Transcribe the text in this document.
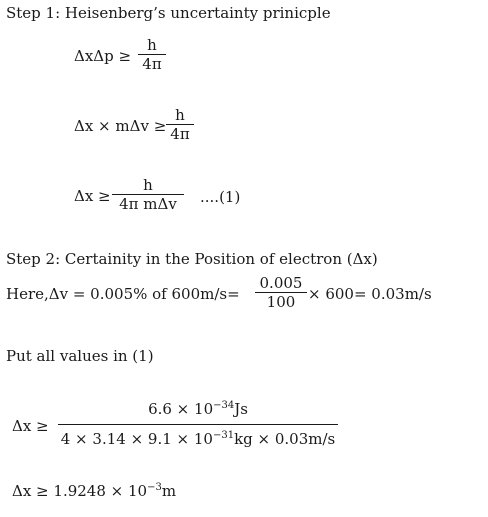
Step 1: Heisenberg’s uncertainty prinicple
ΔxΔp ≥
h
4π
Δx × mΔv ≥
h
4π
Δx ≥
h
4π mΔv ....(1)
Step 2: Certainity in the Position of electron (Δx)
Here,Δv = 0.005% of 600m/s=
0.005
100 × 600= 0.03m/s
Put all values in (1)
Δx ≥
$6.6 \times 10^{-34}Js$
$4 \times 3.14 \times 9.1 \times 10^{-31}kg \times 0.03m/s$
$\Delta x \ge 1.9248 \times 10^{-3}m$
